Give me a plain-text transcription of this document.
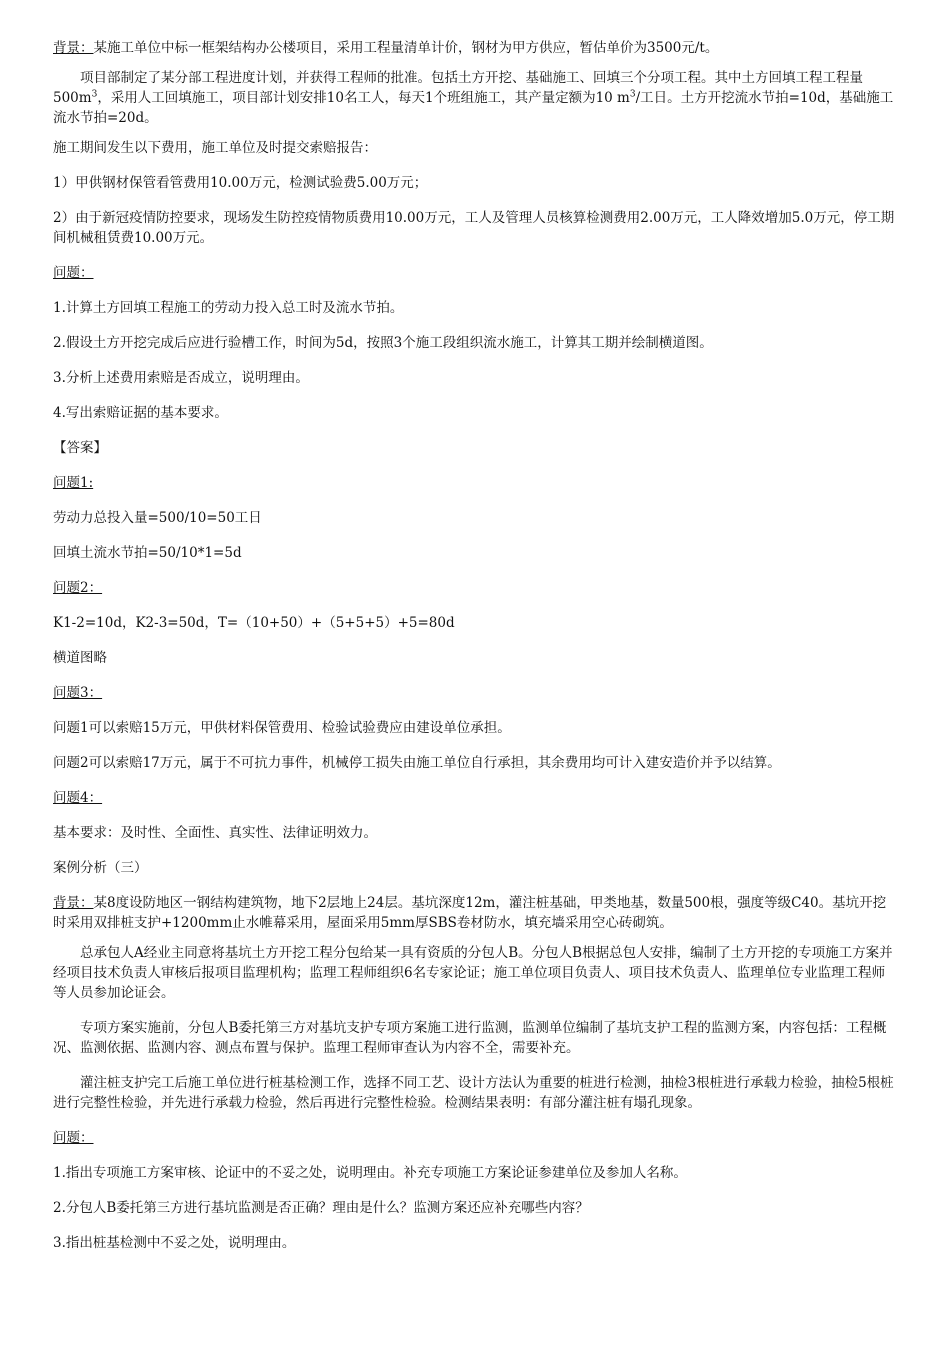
背景：某施工单位中标一框架结构办公楼项目，采用工程量清单计价，钢材为甲方供应，暂估单价为3500元/t。

项目部制定了某分部工程进度计划，并获得工程师的批准。包括土方开挖、基础施工、回填三个分项工程。其中土方回填工程工程量$500m^3$，采用人工回填施工，项目部计划安排10名工人，每天1个班组施工，其产量定额为10 $m^3/$工日。土方开挖流水节拍=10d，基础施工流水节拍=20d。

施工期间发生以下费用，施工单位及时提交索赔报告：

1）甲供钢材保管看管费用10.00万元，检测试验费5.00万元；

2）由于新冠疫情防控要求，现场发生防控疫情物质费用10.00万元，工人及管理人员核算检测费用2.00万元，工人降效增加5.0万元，停工期间机械租赁费10.00万元。

问题：

1.计算土方回填工程施工的劳动力投入总工时及流水节拍。

2.假设土方开挖完成后应进行验槽工作，时间为5d，按照3个施工段组织流水施工，计算其工期并绘制横道图。

3.分析上述费用索赔是否成立，说明理由。

4.写出索赔证据的基本要求。

【答案】

问题1:

劳动力总投入量=500/10=50工日

回填土流水节拍=50/10*1=5d

问题2：

K1-2=10d，K2-3=50d，T=（10+50）+（5+5+5）+5=80d

横道图略

问题3：

问题1可以索赔15万元，甲供材料保管费用、检验试验费应由建设单位承担。

问题2可以索赔17万元，属于不可抗力事件，机械停工损失由施工单位自行承担，其余费用均可计入建安造价并予以结算。

问题4：

基本要求：及时性、全面性、真实性、法律证明效力。

案例分析（三）

背景：某8度设防地区一钢结构建筑物，地下2层地上24层。基坑深度12m，灌注桩基础，甲类地基，数量500根，强度等级C40。基坑开挖时采用双排桩支护+1200mm止水帷幕采用，屋面采用5mm厚SBS卷材防水，填充墙采用空心砖砌筑。

总承包人A经业主同意将基坑土方开挖工程分包给某一具有资质的分包人B。分包人B根据总包人安排，编制了土方开挖的专项施工方案并经项目技术负责人审核后报项目监理机构；监理工程师组织6名专家论证；施工单位项目负责人、项目技术负责人、监理单位专业监理工程师等人员参加论证会。

专项方案实施前，分包人B委托第三方对基坑支护专项方案施工进行监测，监测单位编制了基坑支护工程的监测方案，内容包括：工程概况、监测依据、监测内容、测点布置与保护。监理工程师审查认为内容不全，需要补充。

灌注桩支护完工后施工单位进行桩基检测工作，选择不同工艺、设计方法认为重要的桩进行检测，抽检3根桩进行承载力检验，抽检5根桩进行完整性检验，并先进行承载力检验，然后再进行完整性检验。检测结果表明：有部分灌注桩有塌孔现象。

问题：

1.指出专项施工方案审核、论证中的不妥之处，说明理由。补充专项施工方案论证参建单位及参加人名称。

2.分包人B委托第三方进行基坑监测是否正确？理由是什么？监测方案还应补充哪些内容？

3.指出桩基检测中不妥之处，说明理由。
